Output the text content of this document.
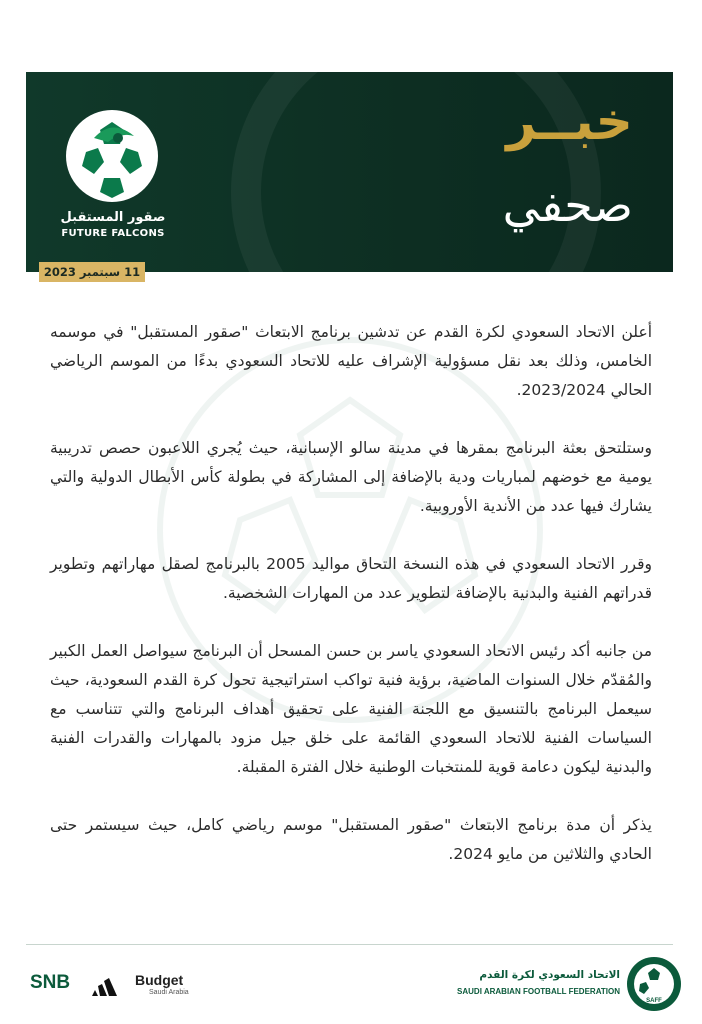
صقور المستقبل
FUTURE FALCONS
خبــر
صحفي
11 سبتمبر 2023

أعلن الاتحاد السعودي لكرة القدم عن تدشين برنامج الابتعاث "صقور المستقبل" في موسمه الخامس، وذلك بعد نقل مسؤولية الإشراف عليه للاتحاد السعودي بدءًا من الموسم الرياضي الحالي 2023/2024.

وستلتحق بعثة البرنامج بمقرها في مدينة سالو الإسبانية، حيث يُجري اللاعبون حصص تدريبية يومية مع خوضهم لمباريات ودية بالإضافة إلى المشاركة في بطولة كأس الأبطال الدولية والتي يشارك فيها عدد من الأندية الأوروبية.

وقرر الاتحاد السعودي في هذه النسخة التحاق مواليد 2005 بالبرنامج لصقل مهاراتهم وتطوير قدراتهم الفنية والبدنية بالإضافة لتطوير عدد من المهارات الشخصية.

من جانبه أكد رئيس الاتحاد السعودي ياسر بن حسن المسحل أن البرنامج سيواصل العمل الكبير والمُقدّم خلال السنوات الماضية، برؤية فنية تواكب استراتيجية تحول كرة القدم السعودية، حيث سيعمل البرنامج بالتنسيق مع اللجنة الفنية على تحقيق أهداف البرنامج والتي تتناسب مع السياسات الفنية للاتحاد السعودي القائمة على خلق جيل مزود بالمهارات والقدرات الفنية والبدنية ليكون دعامة قوية للمنتخبات الوطنية خلال الفترة المقبلة.

يذكر أن مدة برنامج الابتعاث "صقور المستقبل" موسم رياضي كامل، حيث سيستمر حتى الحادي والثلاثين من مايو 2024.

SNB	Budget
Saudi Arabia
الاتحاد السعودي لكرة القدم
SAUDI ARABIAN FOOTBALL FEDERATION
SAFF
